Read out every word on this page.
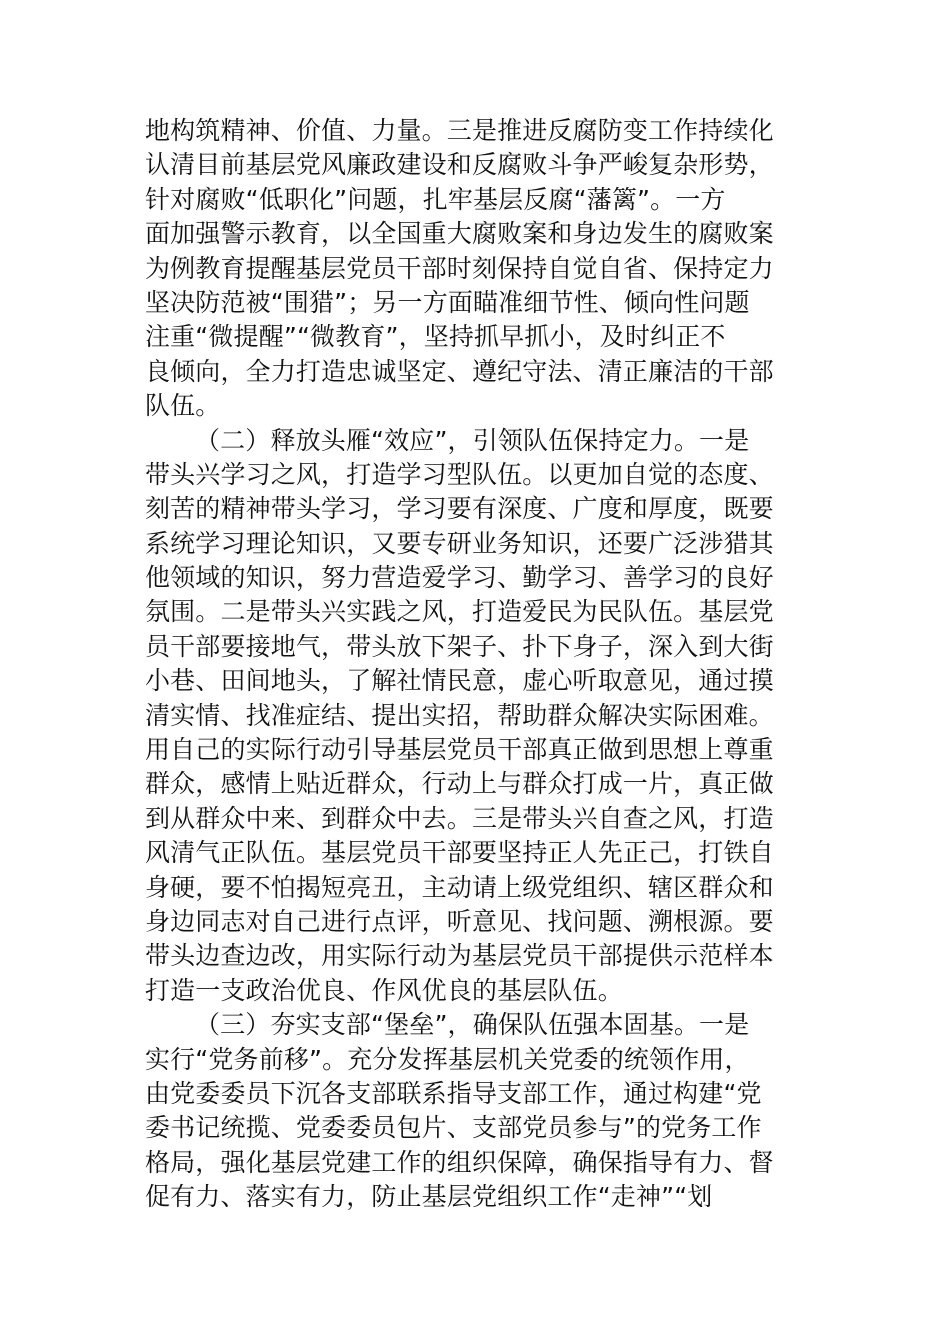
地构筑精神、价值、力量。三是推进反腐防变工作持续化
认清目前基层党风廉政建设和反腐败斗争严峻复杂形势，
针对腐败“低职化”问题，扎牢基层反腐“藩篱”。一方
面加强警示教育，以全国重大腐败案和身边发生的腐败案
为例教育提醒基层党员干部时刻保持自觉自省、保持定力
坚决防范被“围猎”；另一方面瞄准细节性、倾向性问题
注重“微提醒”“微教育”，坚持抓早抓小，及时纠正不
良倾向，全力打造忠诚坚定、遵纪守法、清正廉洁的干部
队伍。
（二）释放头雁“效应”，引领队伍保持定力。一是
带头兴学习之风，打造学习型队伍。以更加自觉的态度、
刻苦的精神带头学习，学习要有深度、广度和厚度，既要
系统学习理论知识，又要专研业务知识，还要广泛涉猎其
他领域的知识，努力营造爱学习、勤学习、善学习的良好
氛围。二是带头兴实践之风，打造爱民为民队伍。基层党
员干部要接地气，带头放下架子、扑下身子，深入到大街
小巷、田间地头，了解社情民意，虚心听取意见，通过摸
清实情、找准症结、提出实招，帮助群众解决实际困难。
用自己的实际行动引导基层党员干部真正做到思想上尊重
群众，感情上贴近群众，行动上与群众打成一片，真正做
到从群众中来、到群众中去。三是带头兴自查之风，打造
风清气正队伍。基层党员干部要坚持正人先正己，打铁自
身硬，要不怕揭短亮丑，主动请上级党组织、辖区群众和
身边同志对自己进行点评，听意见、找问题、溯根源。要
带头边查边改，用实际行动为基层党员干部提供示范样本
打造一支政治优良、作风优良的基层队伍。
（三）夯实支部“堡垒”，确保队伍强本固基。一是
实行“党务前移”。充分发挥基层机关党委的统领作用，
由党委委员下沉各支部联系指导支部工作，通过构建“党
委书记统揽、党委委员包片、支部党员参与”的党务工作
格局，强化基层党建工作的组织保障，确保指导有力、督
促有力、落实有力，防止基层党组织工作“走神”“划
